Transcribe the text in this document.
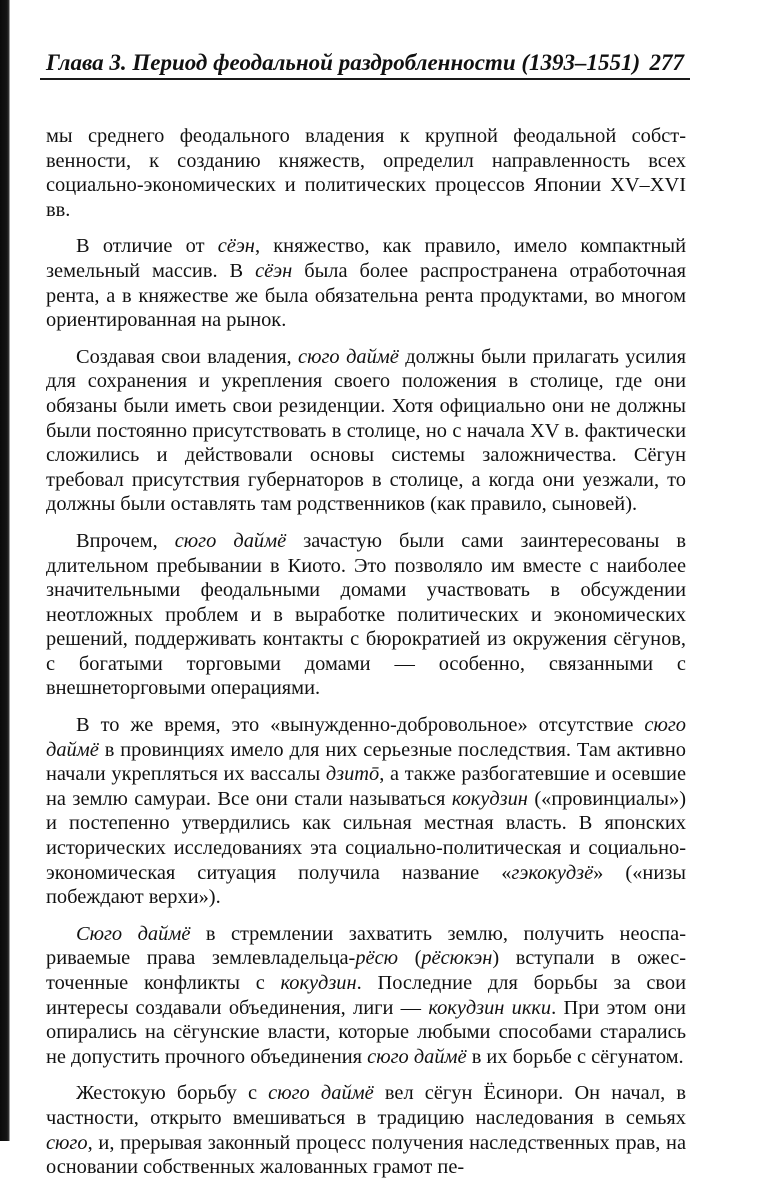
Глава 3. Период феодальной раздробленности (1393–1551) 277

мы среднего феодального владения к крупной феодальной собственности, к созданию княжеств, определил направленность всех социально-экономических и политических процессов Японии XV–XVI вв.

В отличие от сёэн, княжество, как правило, имело компактный земельный массив. В сёэн была более распространена отработочная рента, а в княжестве же была обязательна рента продуктами, во многом ориентированная на рынок.

Создавая свои владения, сюго даймё должны были прилагать усилия для сохранения и укрепления своего положения в столице, где они обязаны были иметь свои резиденции. Хотя официально они не должны были постоянно присутствовать в столице, но с начала XV в. фактически сложились и действовали основы системы заложничества. Сёгун требовал присутствия губернаторов в столице, а когда они уезжали, то должны были оставлять там родственников (как правило, сыновей).

Впрочем, сюго даймё зачастую были сами заинтересованы в длительном пребывании в Киото. Это позволяло им вместе с наиболее значительными феодальными домами участвовать в обсуждении неотложных проблем и в выработке политических и экономических решений, поддерживать контакты с бюрократией из окружения сёгунов, с богатыми торговыми домами — особенно, связанными с внешнеторговыми операциями.

В то же время, это «вынужденно-добровольное» отсутствие сюго даймё в провинциях имело для них серьезные последствия. Там активно начали укрепляться их вассалы дзитō, а также разбогатевшие и осевшие на землю самураи. Все они стали называться кокудзин («провинциалы») и постепенно утвердились как сильная местная власть. В японских исторических исследованиях эта социально-политическая и социально-экономическая ситуация получила название «гэкокудзё» («низы побеждают верхи»).

Сюго даймё в стремлении захватить землю, получить неоспариваемые права землевладельца-рёсю (рёсюкэн) вступали в ожесточенные конфликты с кокудзин. Последние для борьбы за свои интересы создавали объединения, лиги — кокудзин икки. При этом они опирались на сёгунские власти, которые любыми способами старались не допустить прочного объединения сюго даймё в их борьбе с сёгунатом.

Жестокую борьбу с сюго даймё вел сёгун Ёсинори. Он начал, в частности, открыто вмешиваться в традицию наследования в семьях сюго, и, прерывая законный процесс получения наследственных прав, на основании собственных жалованных грамот пе-
